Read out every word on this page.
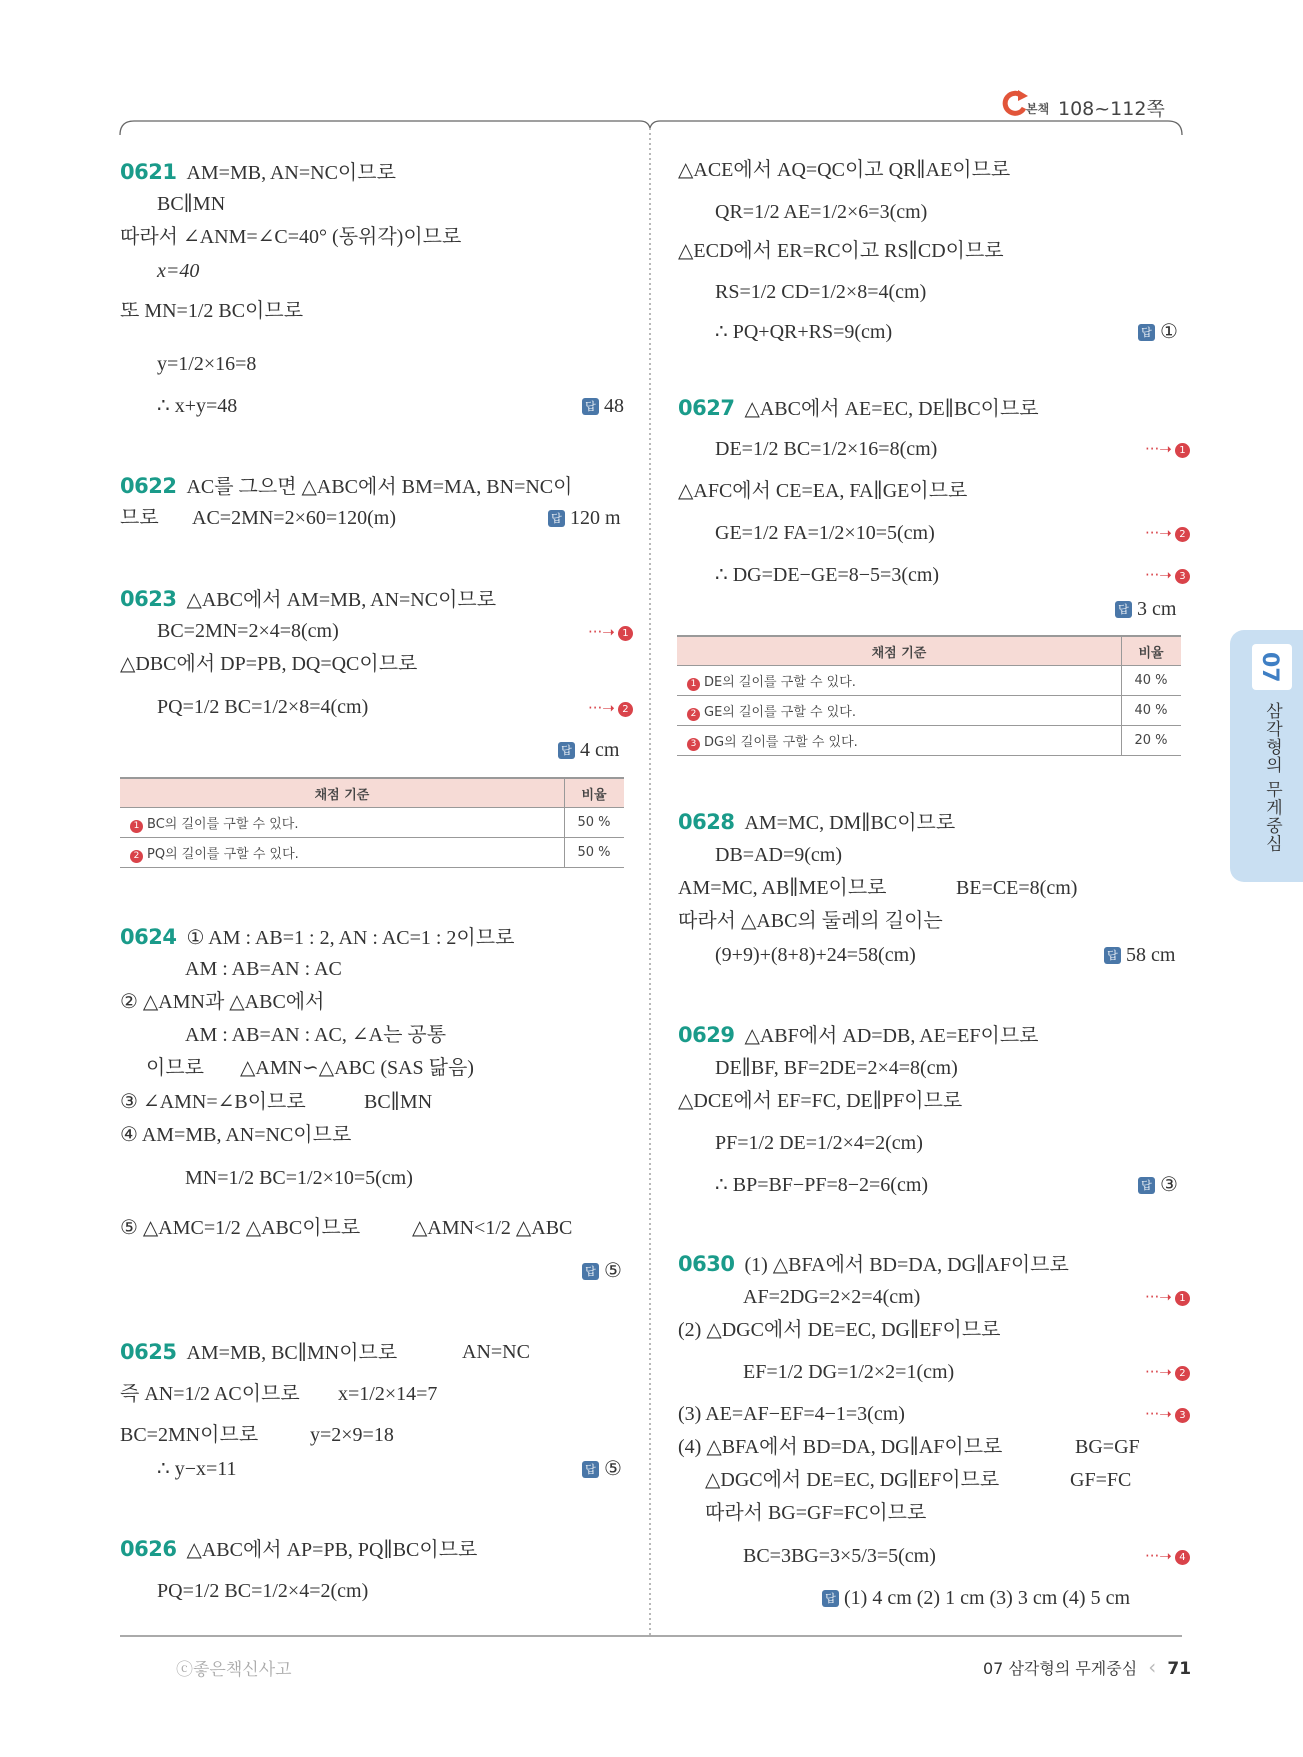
본책 108~112쪽
07
삼각형의 무게중심
0621 AM=MB, AN=NC이므로
BC∥MN
따라서 ∠ANM=∠C=40° (동위각)이므로
x=40
또 MN=1/2 BC이므로
y=1/2×16=8
∴ x+y=48	답 48
0622 AC를 그으면 △ABC에서 BM=MA, BN=NC이
므로 AC=2MN=2×60=120(m)	답 120 m
0623 △ABC에서 AM=MB, AN=NC이므로
BC=2MN=2×4=8(cm)	···➝ 1
△DBC에서 DP=PB, DQ=QC이므로
PQ=1/2 BC=1/2×8=4(cm)	···➝ 2
답 4 cm
채점 기준	비율
1 BC의 길이를 구할 수 있다.	50 %
2 PQ의 길이를 구할 수 있다.	50 %
0624 ① AM : AB=1 : 2, AN : AC=1 : 2이므로
AM : AB=AN : AC
② △AMN과 △ABC에서
AM : AB=AN : AC, ∠A는 공통
이므로 △AMN∽△ABC (SAS 닮음)
③ ∠AMN=∠B이므로	BC∥MN
④ AM=MB, AN=NC이므로
MN=1/2 BC=1/2×10=5(cm)
⑤ △AMC=1/2 △ABC이므로	△AMN<1/2 △ABC
답 ⑤
0625 AM=MB, BC∥MN이므로	AN=NC
즉 AN=1/2 AC이므로 x=1/2×14=7
BC=2MN이므로	y=2×9=18
∴ y−x=11	답 ⑤
0626 △ABC에서 AP=PB, PQ∥BC이므로
PQ=1/2 BC=1/2×4=2(cm)
△ACE에서 AQ=QC이고 QR∥AE이므로
QR=1/2 AE=1/2×6=3(cm)
△ECD에서 ER=RC이고 RS∥CD이므로
RS=1/2 CD=1/2×8=4(cm)
∴ PQ+QR+RS=9(cm)	답 ①
0627 △ABC에서 AE=EC, DE∥BC이므로
DE=1/2 BC=1/2×16=8(cm)	···➝ 1
△AFC에서 CE=EA, FA∥GE이므로
GE=1/2 FA=1/2×10=5(cm)	···➝ 2
∴ DG=DE−GE=8−5=3(cm)	···➝ 3
답 3 cm
채점 기준	비율
1 DE의 길이를 구할 수 있다.	40 %
2 GE의 길이를 구할 수 있다.	40 %
3 DG의 길이를 구할 수 있다.	20 %
0628 AM=MC, DM∥BC이므로
DB=AD=9(cm)
AM=MC, AB∥ME이므로	BE=CE=8(cm)
따라서 △ABC의 둘레의 길이는
(9+9)+(8+8)+24=58(cm)	답 58 cm
0629 △ABF에서 AD=DB, AE=EF이므로
DE∥BF, BF=2DE=2×4=8(cm)
△DCE에서 EF=FC, DE∥PF이므로
PF=1/2 DE=1/2×4=2(cm)
∴ BP=BF−PF=8−2=6(cm)	답 ③
0630 (1) △BFA에서 BD=DA, DG∥AF이므로
AF=2DG=2×2=4(cm)	···➝ 1
(2) △DGC에서 DE=EC, DG∥EF이므로
EF=1/2 DG=1/2×2=1(cm)	···➝ 2
(3) AE=AF−EF=4−1=3(cm)	···➝ 3
(4) △BFA에서 BD=DA, DG∥AF이므로	BG=GF
△DGC에서 DE=EC, DG∥EF이므로	GF=FC
따라서 BG=GF=FC이므로
BC=3BG=3×5/3=5(cm)	···➝ 4
답 (1) 4 cm (2) 1 cm (3) 3 cm (4) 5 cm
ⓒ좋은책신사고	07 삼각형의 무게중심 ‹ 71
